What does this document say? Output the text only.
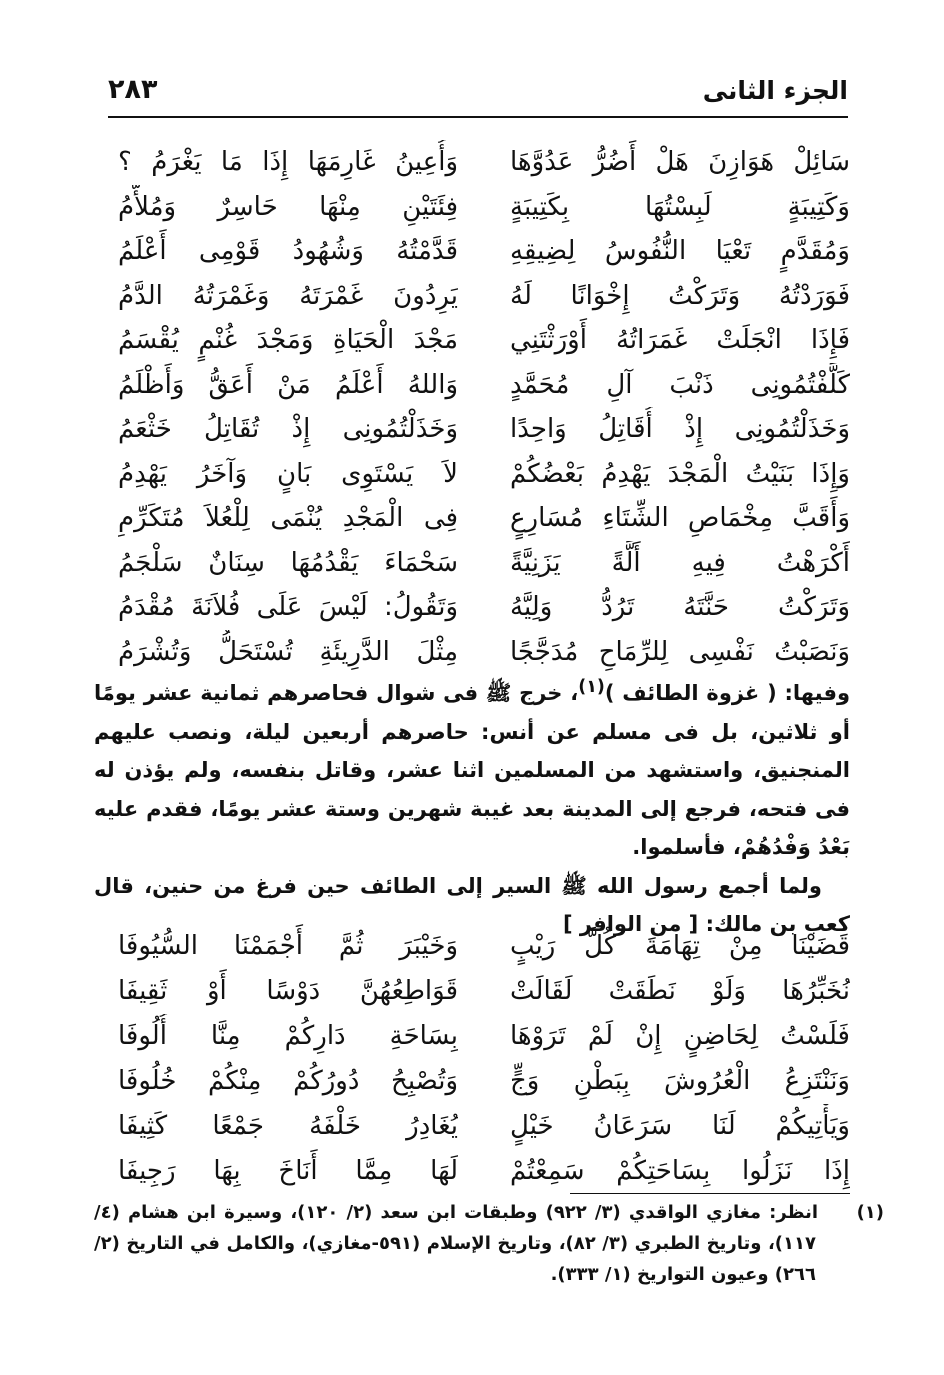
الجزء الثانى
٢٨٣
سَائِلْ هَوَازِنَ هَلْ أَضُرُّ عَدُوَّهَا
وَأُعِينُ غَارِمَهَا إِذَا مَا يَغْرَمُ ؟
وَكَتِيبَةٍ لَبِسْتُهَا بِكَتِيبَةٍ
فِئَتَيْنِ مِنْهَا حَاسِرٌ وَمُلأَّمُ
وَمُقَدَّمٍ تَعْيَا النُّفُوسُ لِضِيقِهِ
قَدَّمْتُهُ وَشُهُودُ قَوْمِى أَعْلَمُ
فَوَرَدْتُهُ وَتَرَكْتُ إِخْوَانًا لَهُ
يَرِدُونَ غَمْرَتَهُ وَغَمْرَتُهُ الدَّمُ
فَإِذَا انْجَلَتْ غَمَرَاتُهُ أَوْرَثْتَنِي
مَجْدَ الْحَيَاةِ وَمَجْدَ غُنْمٍ يُقْسَمُ
كَلَّفْتُمُونِى ذَنْبَ آلِ مُحَمَّدٍ
وَاللهُ أَعْلَمُ مَنْ أَعَقُّ وَأَظْلَمُ
وَخَذَلْتُمُونِى إِذْ أُقَاتِلُ وَاحِدًا
وَخَذَلْتُمُونِى إِذْ تُقَاتِلُ خَثْعَمُ
وَإِذَا بَنَيْتُ الْمَجْدَ يَهْدِمُ بَعْضُكُمْ
لاَ يَسْتَوِى بَانٍ وَآخَرُ يَهْدِمُ
وَأَقَبَّ مِخْمَاصِ الشِّتَاءِ مُسَارِعٍ
فِى الْمَجْدِ يُنْمَى لِلْعُلاَ مُتَكَرِّمِ
أَكْرَهْتُ فِيهِ أَلَّةً يَزَنِيَّةً
سَحْمَاءَ يَقْدُمُهَا سِنَانٌ سَلْجَمُ
وَتَرَكْتُ حَنَّتَهُ تَرُدُّ وَلِيَّهُ
وَتَقُولُ: لَيْسَ عَلَى فُلاَنَةَ مُقْدَمُ
وَنَصَبْتُ نَفْسِى لِلرِّمَاحِ مُدَجَّجًا
مِثْلَ الدَّرِيئَةِ تُسْتَحَلُّ وَتُشْرَمُ

وفيها: ( غزوة الطائف )$^{(١)}$، خرج ﷺ فى شوال فحاصرهم ثمانية عشر يومًا أو ثلاثين، بل فى مسلم عن أنس: حاصرهم أربعين ليلة، ونصب عليهم المنجنيق، واستشهد من المسلمين اثنا عشر، وقاتل بنفسه، ولم يؤذن له فى فتحه، فرجع إلى المدينة بعد غيبة شهرين وستة عشر يومًا، فقدم عليه بَعْدُ وَفْدُهُمْ، فأسلموا.

ولما أجمع رسول الله ﷺ السير إلى الطائف حين فرغ من حنين، قال كعب بن مالك: [ من الوافر ]

قَضَيْنَا مِنْ تِهَامَةَ كُلَّ رَيْبٍ
وَخَيْبَرَ ثُمَّ أَجْمَمْنَا السُّيُوفَا
نُخَبِّرُهَا وَلَوْ نَطَقَتْ لَقَالَتْ
قَوَاطِعُهُنَّ دَوْسًا أَوْ ثَقِيفَا
فَلَسْتُ لِحَاضِنٍ إِنْ لَمْ تَرَوْهَا
بِسَاحَةِ دَارِكُمْ مِنَّا أُلُوفَا
وَنَنْتَزِعُ الْعُرُوشَ بِبَطْنِ وَجٍّ
وَتُصْبِحُ دُورُكُمْ مِنْكُمْ خُلُوفَا
وَيَأْتِيكُمْ لَنَا سَرَعَانُ خَيْلٍ
يُغَادِرُ خَلْفَهُ جَمْعًا كَثِيفَا
إِذَا نَزَلُوا بِسَاحَتِكُمْ سَمِعْتُمْ
لَهَا مِمَّا أَنَاخَ بِهَا رَجِيفَا

(١)انظر: مغازي الواقدي (٣/ ٩٢٢) وطبقات ابن سعد (٢/ ١٢٠)، وسيرة ابن هشام (٤/ ١١٧)، وتاريخ الطبري (٣/ ٨٢)، وتاريخ الإسلام (٥٩١-مغازي)، والكامل في التاريخ (٢/ ٢٦٦) وعيون التواريخ (١/ ٣٣٣).
